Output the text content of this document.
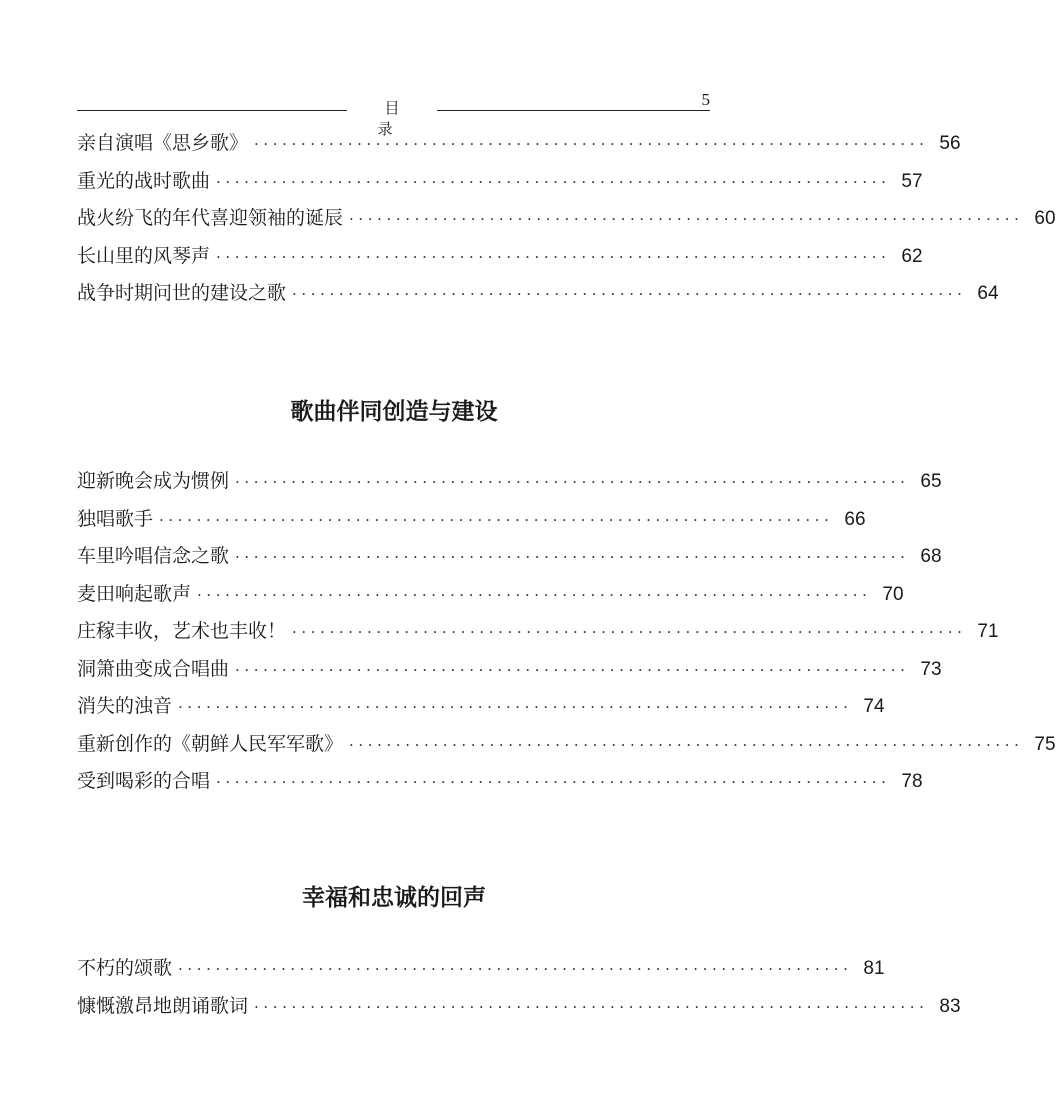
目 录
5
亲自演唱《思乡歌》 ········································································ 56
重光的战时歌曲 ········································································ 57
战火纷飞的年代喜迎领袖的诞辰 ········································································ 60
长山里的风琴声 ········································································ 62
战争时期问世的建设之歌 ········································································ 64
歌曲伴同创造与建设
迎新晚会成为惯例 ········································································ 65
独唱歌手 ········································································ 66
车里吟唱信念之歌 ········································································ 68
麦田响起歌声 ········································································ 70
庄稼丰收，艺术也丰收！ ········································································ 71
洞箫曲变成合唱曲 ········································································ 73
消失的浊音 ········································································ 74
重新创作的《朝鲜人民军军歌》 ········································································ 75
受到喝彩的合唱 ········································································ 78
幸福和忠诚的回声
不朽的颂歌 ········································································ 81
慷慨激昂地朗诵歌词 ········································································ 83
